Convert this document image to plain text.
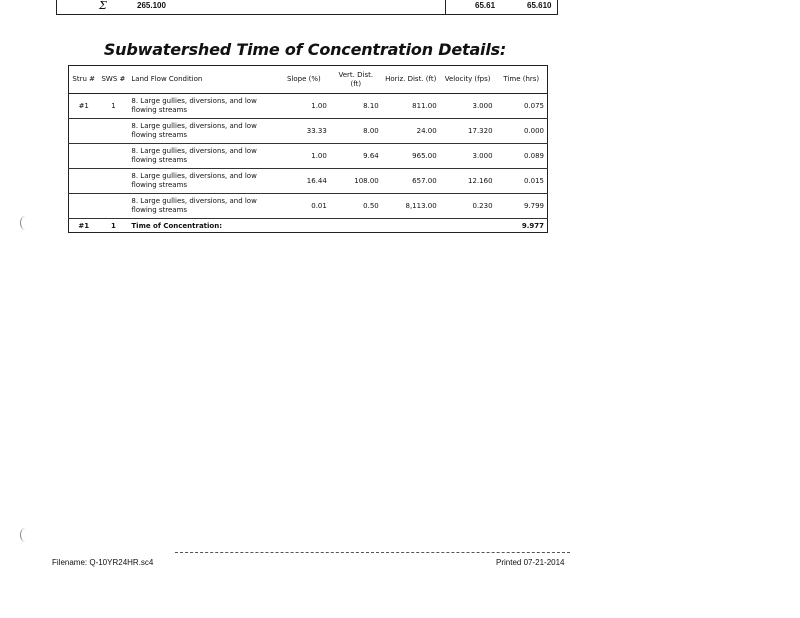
Σ	265.100	65.61	65.610
Subwatershed Time of Concentration Details:
Stru #	SWS #	Land Flow Condition	Slope (%)	Vert. Dist. (ft)	Horiz. Dist. (ft)	Velocity (fps)	Time (hrs)
#1	1	8. Large gullies, diversions, and low flowing streams	1.00	8.10	811.00	3.000	0.075
		8. Large gullies, diversions, and low flowing streams	33.33	8.00	24.00	17.320	0.000
		8. Large gullies, diversions, and low flowing streams	1.00	9.64	965.00	3.000	0.089
		8. Large gullies, diversions, and low flowing streams	16.44	108.00	657.00	12.160	0.015
		8. Large gullies, diversions, and low flowing streams	0.01	0.50	8,113.00	0.230	9.799
#1	1	Time of Concentration:					9.977
Filename: Q-10YR24HR.sc4	Printed 07-21-2014
